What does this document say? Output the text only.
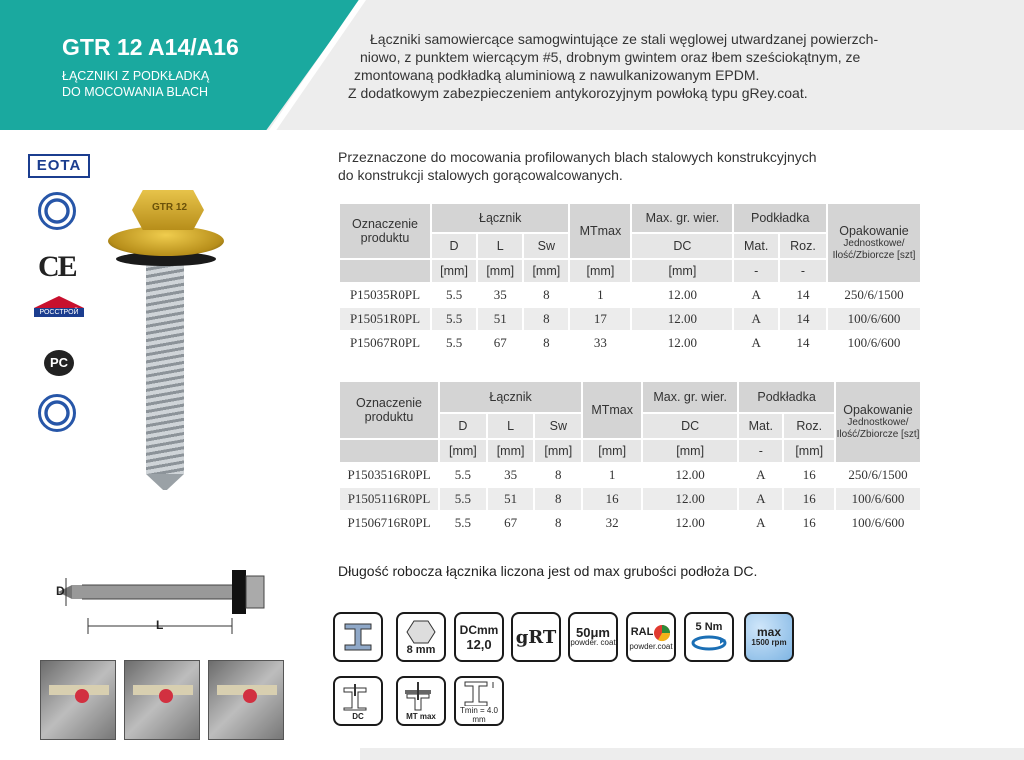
GTR 12 A14/A16
ŁĄCZNIKI Z PODKŁADKĄ
DO MOCOWANIA BLACH
Łączniki samowiercące samogwintujące ze stali węglowej utwardzanej powierzch-
niowo, z punktem wiercącym #5, drobnym gwintem oraz łbem sześciokątnym, ze
zmontowaną podkładką aluminiową z nawulkanizowanym EPDM.
Z dodatkowym zabezpieczeniem antykorozyjnym powłoką typu gRey.coat.
EOTA
CE
РОССТРОЙ
PC
GTR 12
D
L
Przeznaczone do mocowania profilowanych blach stalowych konstrukcyjnych
do konstrukcji stalowych gorącowalcowanych.
Oznaczenie produktu	Łącznik			MTmax	Max. gr. wier.	Podkładka		Opakowanie
Jednostkowe/ Ilość/Zbiorcze [szt]

	D	L	Sw		DC	Mat.	Roz.	
	[mm]	[mm]	[mm]	[mm]	[mm]	-	-	
P15035R0PL	5.5	35	8	1	12.00	A	14	250/6/1500
P15051R0PL	5.5	51	8	17	12.00	A	14	100/6/600
P15067R0PL	5.5	67	8	33	12.00	A	14	100/6/600
Oznaczenie produktu	Łącznik			MTmax	Max. gr. wier.	Podkładka		Opakowanie
Jednostkowe/ Ilość/Zbiorcze [szt]

	D	L	Sw		DC	Mat.	Roz.	
	[mm]	[mm]	[mm]	[mm]	[mm]	-	[mm]	
P1503516R0PL	5.5	35	8	1	12.00	A	16	250/6/1500
P1505116R0PL	5.5	51	8	16	12.00	A	16	100/6/600
P1506716R0PL	5.5	67	8	32	12.00	A	16	100/6/600
Długość robocza łącznika liczona jest od max grubości podłoża DC.
8 mm
DCmm
12,0 gRT 50μm
powder. coat
RAL
powder.coat
5 Nm	max
1500 rpm
DC	MT max
Tmin = 4.0 mm
